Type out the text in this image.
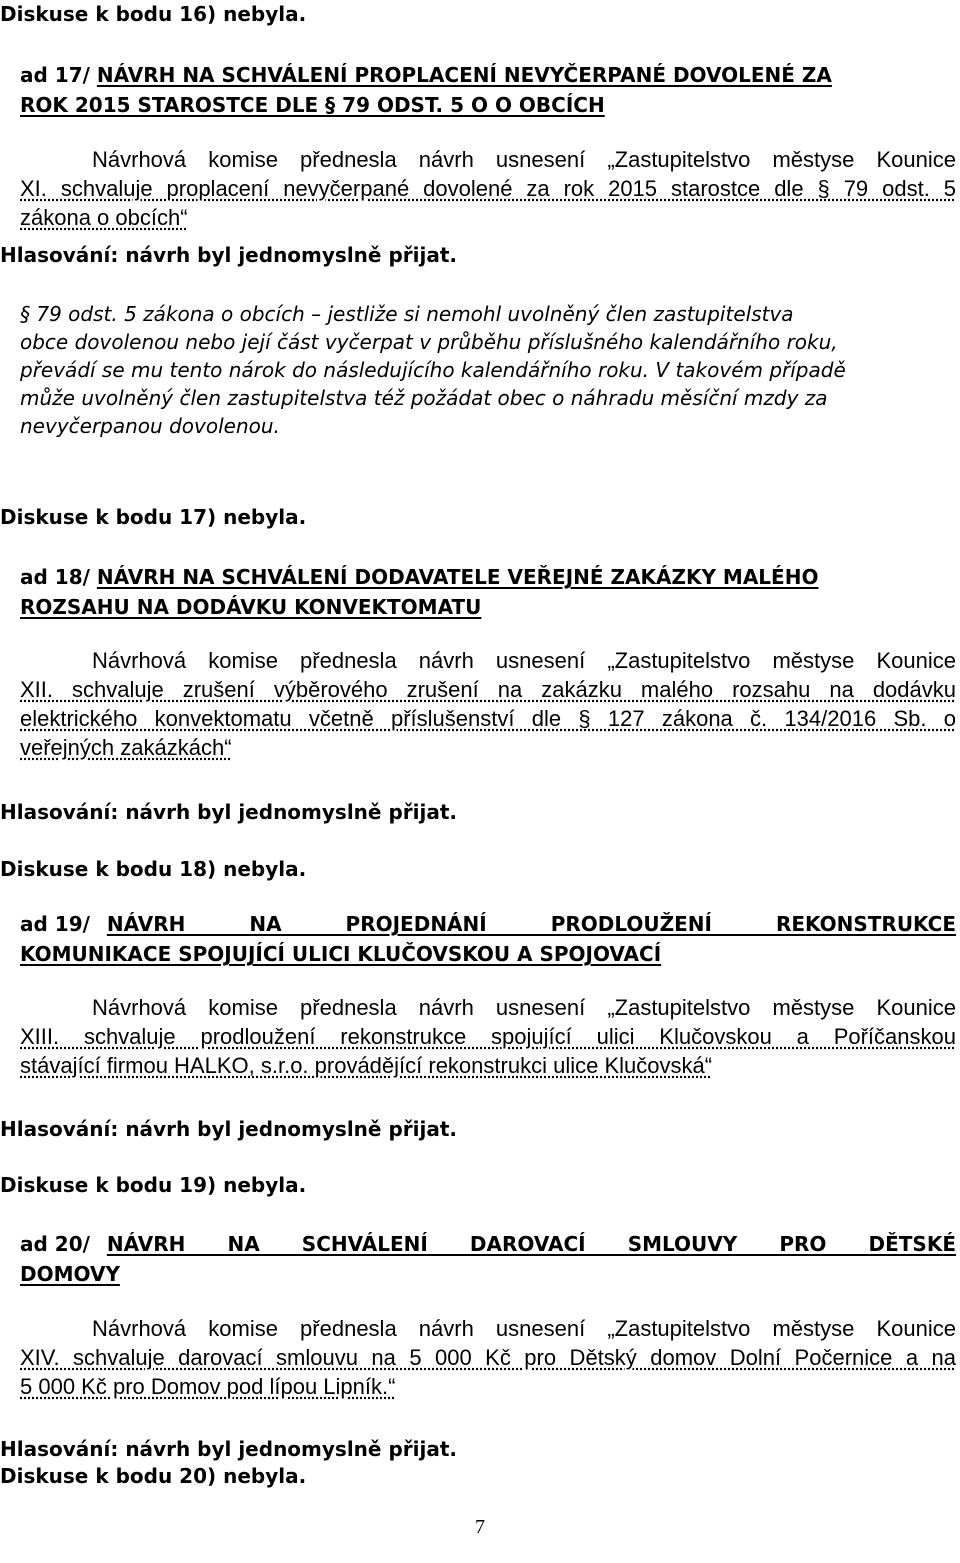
Diskuse k bodu 16) nebyla.
ad 17/ NÁVRH NA SCHVÁLENÍ PROPLACENÍ NEVYČERPANÉ DOVOLENÉ ZA
ROK 2015 STAROSTCE DLE § 79 ODST. 5 O O OBCÍCH
Návrhová komise přednesla návrh usnesení „Zastupitelstvo městyse Kounice
XI. schvaluje proplacení nevyčerpané dovolené za rok 2015 starostce dle § 79 odst. 5
zákona o obcích“
Hlasování: návrh byl jednomyslně přijat.
§ 79 odst. 5 zákona o obcích – jestliže si nemohl uvolněný člen zastupitelstva
obce dovolenou nebo její část vyčerpat v průběhu příslušného kalendářního roku,
převádí se mu tento nárok do následujícího kalendářního roku. V takovém případě
může uvolněný člen zastupitelstva též požádat obec o náhradu měsíční mzdy za
nevyčerpanou dovolenou.
Diskuse k bodu 17) nebyla.
ad 18/ NÁVRH NA SCHVÁLENÍ DODAVATELE VEŘEJNÉ ZAKÁZKY MALÉHO
ROZSAHU NA DODÁVKU KONVEKTOMATU
Návrhová komise přednesla návrh usnesení „Zastupitelstvo městyse Kounice
XII. schvaluje zrušení výběrového zrušení na zakázku malého rozsahu na dodávku
elektrického konvektomatu včetně příslušenství dle § 127 zákona č. 134/2016 Sb. o
veřejných zakázkách“
Hlasování: návrh byl jednomyslně přijat.
Diskuse k bodu 18) nebyla.
ad 19/ NÁVRH NA PROJEDNÁNÍ PRODLOUŽENÍ REKONSTRUKCE
KOMUNIKACE SPOJUJÍCÍ ULICI KLUČOVSKOU A SPOJOVACÍ
Návrhová komise přednesla návrh usnesení „Zastupitelstvo městyse Kounice
XIII. schvaluje prodloužení rekonstrukce spojující ulici Klučovskou a Poříčanskou
stávající firmou HALKO, s.r.o. provádějící rekonstrukci ulice Klučovská“
Hlasování: návrh byl jednomyslně přijat.
Diskuse k bodu 19) nebyla.
ad 20/ NÁVRH NA SCHVÁLENÍ DAROVACÍ SMLOUVY PRO DĚTSKÉ
DOMOVY
Návrhová komise přednesla návrh usnesení „Zastupitelstvo městyse Kounice
XIV. schvaluje darovací smlouvu na 5 000 Kč pro Dětský domov Dolní Počernice a na
5 000 Kč pro Domov pod lípou Lipník.“
Hlasování: návrh byl jednomyslně přijat.
Diskuse k bodu 20) nebyla.
7
